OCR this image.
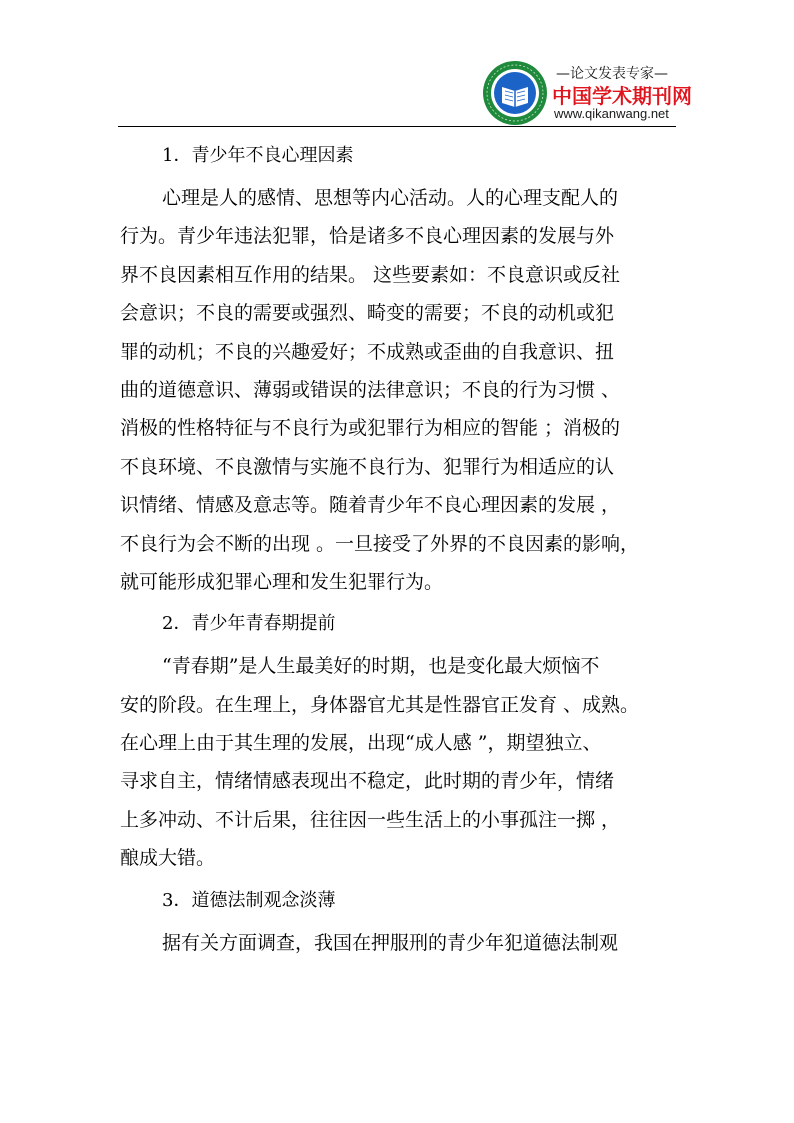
—论文发表专家—
中国学术期刊网
www.qikanwang.net
1．青少年不良心理因素
心理是人的感情、思想等内心活动。人的心理支配人的
行为。青少年违法犯罪，恰是诸多不良心理因素的发展与外
界不良因素相互作用的结果。 这些要素如：不良意识或反社
会意识；不良的需要或强烈、畸变的需要；不良的动机或犯
罪的动机；不良的兴趣爱好；不成熟或歪曲的自我意识、扭
曲的道德意识、薄弱或错误的法律意识；不良的行为习惯 、
消极的性格特征与不良行为或犯罪行为相应的智能 ；消极的
不良环境、不良激情与实施不良行为、犯罪行为相适应的认
识情绪、情感及意志等。随着青少年不良心理因素的发展 ，
不良行为会不断的出现 。一旦接受了外界的不良因素的影响，
就可能形成犯罪心理和发生犯罪行为。
2．青少年青春期提前
“青春期”是人生最美好的时期，也是变化最大烦恼不
安的阶段。在生理上，身体器官尤其是性器官正发育 、成熟。
在心理上由于其生理的发展，出现“成人感 ”，期望独立、
寻求自主，情绪情感表现出不稳定，此时期的青少年，情绪
上多冲动、不计后果，往往因一些生活上的小事孤注一掷 ，
酿成大错。
3．道德法制观念淡薄
据有关方面调查，我国在押服刑的青少年犯道德法制观
